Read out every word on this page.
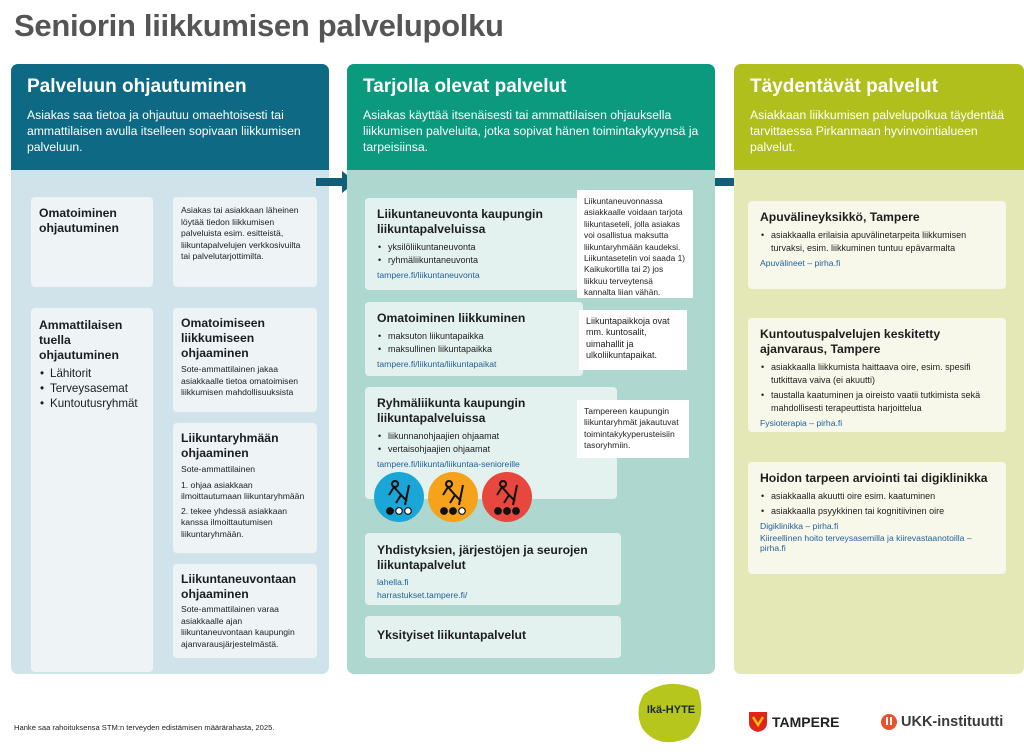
Seniorin liikkumisen palvelupolku
Palveluun ohjautuminen

Asiakas saa tietoa ja ohjautuu omaehtoisesti tai ammattilaisen avulla itselleen sopivaan liikkumisen palveluun.

Omatoiminen ohjautuminen
Asiakas tai asiakkaan läheinen löytää tiedon liikkumisen palveluista esim. esitteistä, liikuntapalvelujen verkkosivuilta tai palvelutarjottimilta.
Ammattilaisen tuella ohjautuminen
• Lähitorit
• Terveysasemat
• Kuntoutusryhmät
Omatoimiseen liikkumiseen ohjaaminen
Sote-ammattilainen jakaa asiakkaalle tietoa omatoimisen liikkumisen mahdollisuuksista
Liikuntaryhmään ohjaaminen
Sote-ammattilainen
1. ohjaa asiakkaan ilmoittautumaan liikuntaryhmään
2. tekee yhdessä asiakkaan kanssa ilmoittautumisen liikuntaryhmään.
Liikuntaneuvontaan ohjaaminen
Sote-ammattilainen varaa asiakkaalle ajan liikuntaneuvontaan kaupungin ajanvarausjärjestelmästä.
Tarjolla olevat palvelut

Asiakas käyttää itsenäisesti tai ammattilaisen ohjauksella liikkumisen palveluita, jotka sopivat hänen toimintakykyynsä ja tarpeisiinsa.

Liikuntaneuvonta kaupungin liikuntapalveluissa
• yksilöliikuntaneuvonta
• ryhmäliikuntaneuvonta
tampere.fi/liikuntaneuvonta
Liikuntaneuvonnassa asiakkaalle voidaan tarjota liikuntaseteli, jolla asiakas voi osallistua maksutta liikuntaryhmään kaudeksi. Liikuntasetelin voi saada 1) Kaikukortilla tai 2) jos liikkuu terveytensä kannalta liian vähän.
Omatoiminen liikkuminen
• maksuton liikuntapaikka
• maksullinen liikuntapaikka
tampere.fi/liikunta/liikuntapaikat
Liikuntapaikkoja ovat mm. kuntosalit, uimahallit ja ulkoliikuntapaikat.
Ryhmäliikunta kaupungin liikuntapalveluissa
• liikunnanohjaajien ohjaamat
• vertaisohjaajien ohjaamat
tampere.fi/liikunta/liikuntaa-senioreille
Tampereen kaupungin liikuntaryhmät jakautuvat toimintakykyperusteisiin tasoryhmiin.
Yhdistyksien, järjestöjen ja seurojen liikuntapalvelut
lahella.fi
harrastukset.tampere.fi/
Yksityiset liikuntapalvelut
Täydentävät palvelut

Asiakkaan liikkumisen palvelupolkua täydentää tarvittaessa Pirkanmaan hyvinvointialueen palvelut.

Apuvälineyksikkö, Tampere
• asiakkaalla erilaisia apuvälinetarpeita liikkumisen turvaksi, esim. liikkuminen tuntuu epävarmalta
Apuvälineet – pirha.fi
Kuntoutuspalvelujen keskitetty ajanvaraus, Tampere
• asiakkaalla liikkumista haittaava oire, esim. spesifi tutkittava vaiva (ei akuutti)
• taustalla kaatuminen ja oireisto vaatii tutkimista sekä mahdollisesti terapeuttista harjoittelua
Fysioterapia – pirha.fi
Hoidon tarpeen arviointi tai digiklinikka
• asiakkaalla akuutti oire esim. kaatuminen
• asiakkaalla psyykkinen tai kognitiivinen oire
Digiklinikka – pirha.fi
Kiireellinen hoito terveysasemilla ja kiirevastaanotoilla – pirha.fi
Hanke saa rahoituksensa STM:n terveyden edistämisen määrärahasta, 2025.
Ikä-HYTE
TAMPERE	UKK-instituutti
